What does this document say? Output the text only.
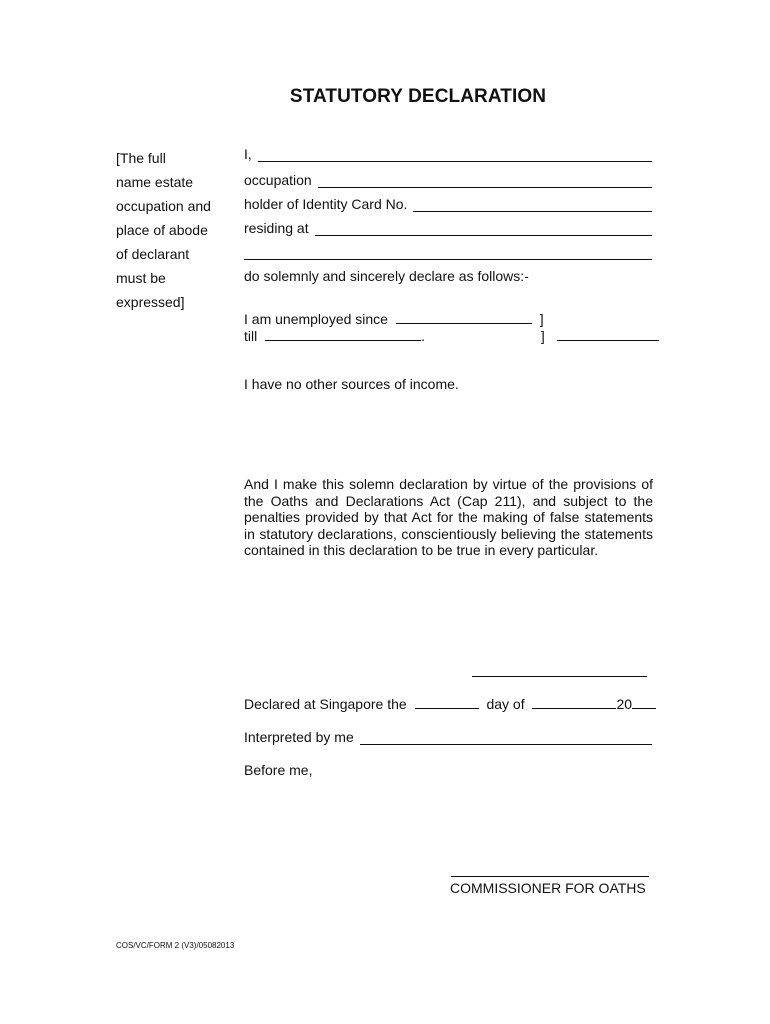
STATUTORY DECLARATION
[The full
name estate
occupation and
place of abode
of declarant
must be
expressed]
I,
occupation
holder of Identity Card No.
residing at
do solemnly and sincerely declare as follows:-
I am unemployed since	]
till	.	]
I have no other sources of income.
And I make this solemn declaration by virtue of the provisions of the Oaths and Declarations Act (Cap 211), and subject to the penalties provided by that Act for the making of false statements in statutory declarations, conscientiously believing the statements contained in this declaration to be true in every particular.
Declared at Singapore the	day of	20
Interpreted by me
Before me,
COMMISSIONER FOR OATHS
COS/VC/FORM 2 (V3)/05082013
